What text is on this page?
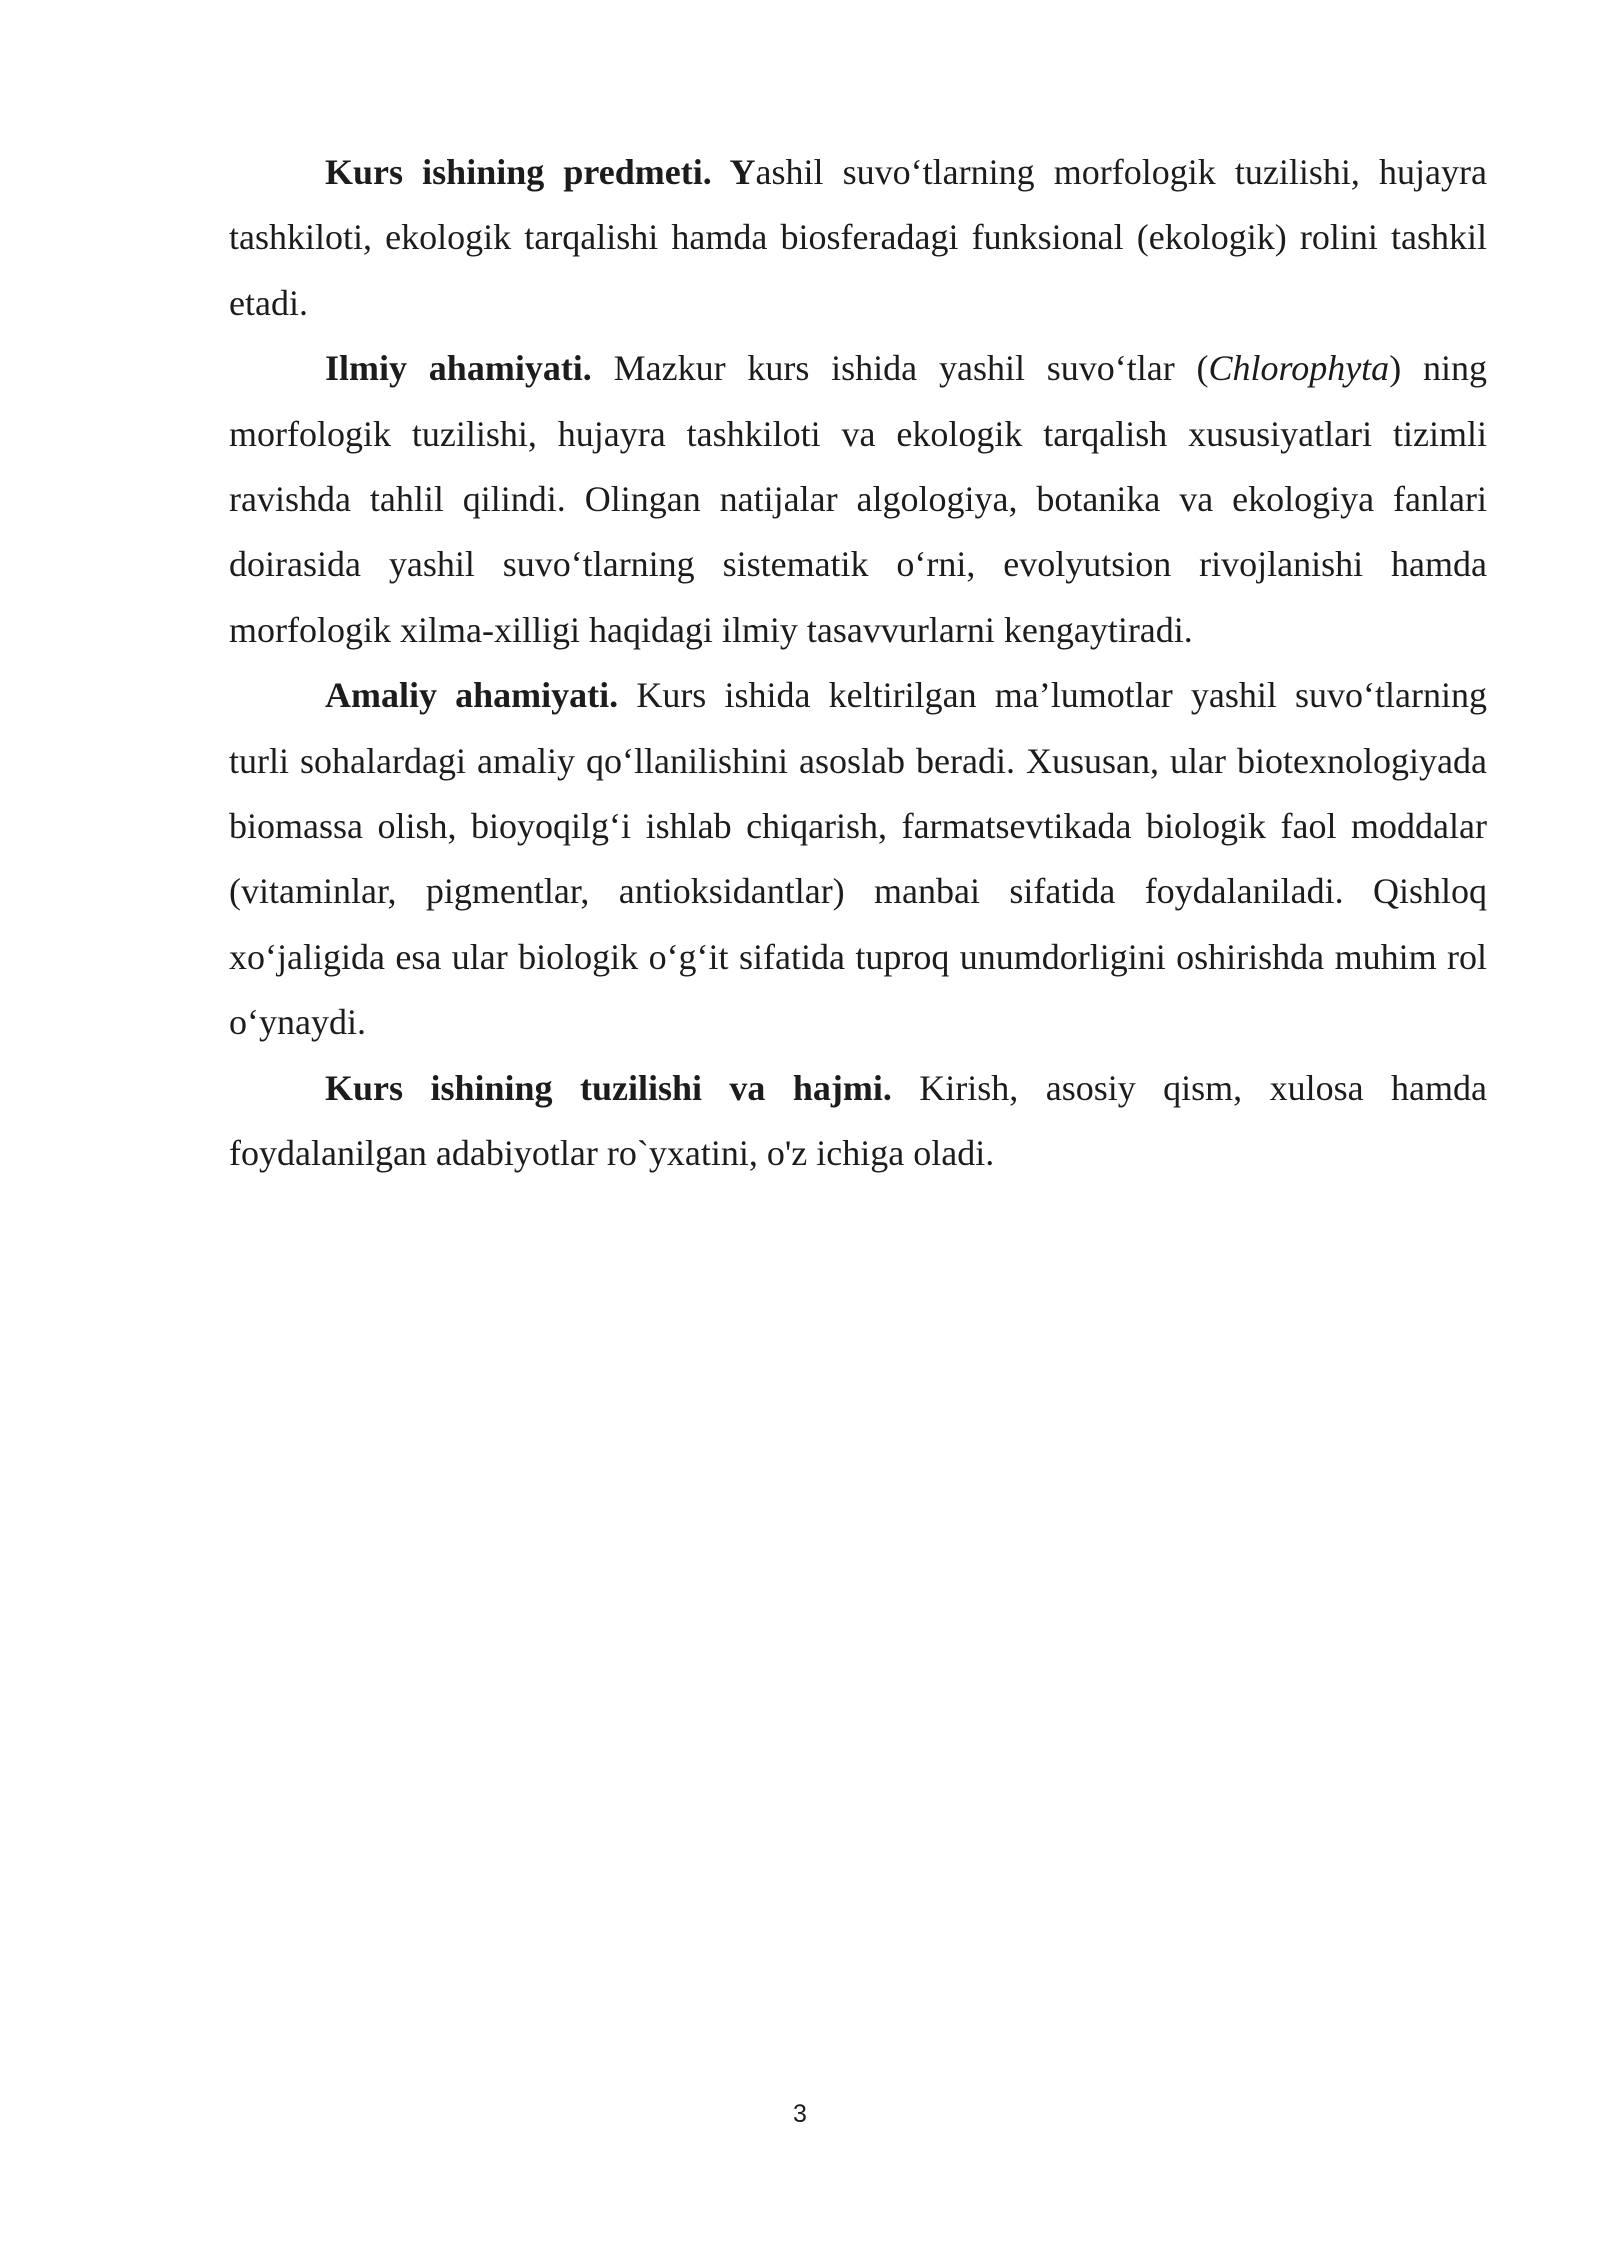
Kurs ishining predmeti. Yashil suvo‘tlarning morfologik tuzilishi, hujayra tashkiloti, ekologik tarqalishi hamda biosferadagi funksional (ekologik) rolini tashkil etadi.

Ilmiy ahamiyati. Mazkur kurs ishida yashil suvo‘tlar (Chlorophyta) ning morfologik tuzilishi, hujayra tashkiloti va ekologik tarqalish xususiyatlari tizimli ravishda tahlil qilindi. Olingan natijalar algologiya, botanika va ekologiya fanlari doirasida yashil suvo‘tlarning sistematik o‘rni, evolyutsion rivojlanishi hamda morfologik xilma-xilligi haqidagi ilmiy tasavvurlarni kengaytiradi.

Amaliy ahamiyati. Kurs ishida keltirilgan ma’lumotlar yashil suvo‘tlarning turli sohalardagi amaliy qo‘llanilishini asoslab beradi. Xususan, ular biotexnologiyada biomassa olish, bioyoqilg‘i ishlab chiqarish, farmatsevtikada biologik faol moddalar (vitaminlar, pigmentlar, antioksidantlar) manbai sifatida foydalaniladi. Qishloq xo‘jaligida esa ular biologik o‘g‘it sifatida tuproq unumdorligini oshirishda muhim rol o‘ynaydi.

Kurs ishining tuzilishi va hajmi. Kirish, asosiy qism, xulosa hamda foydalanilgan adabiyotlar ro`yxatini, o'z ichiga oladi.

3
